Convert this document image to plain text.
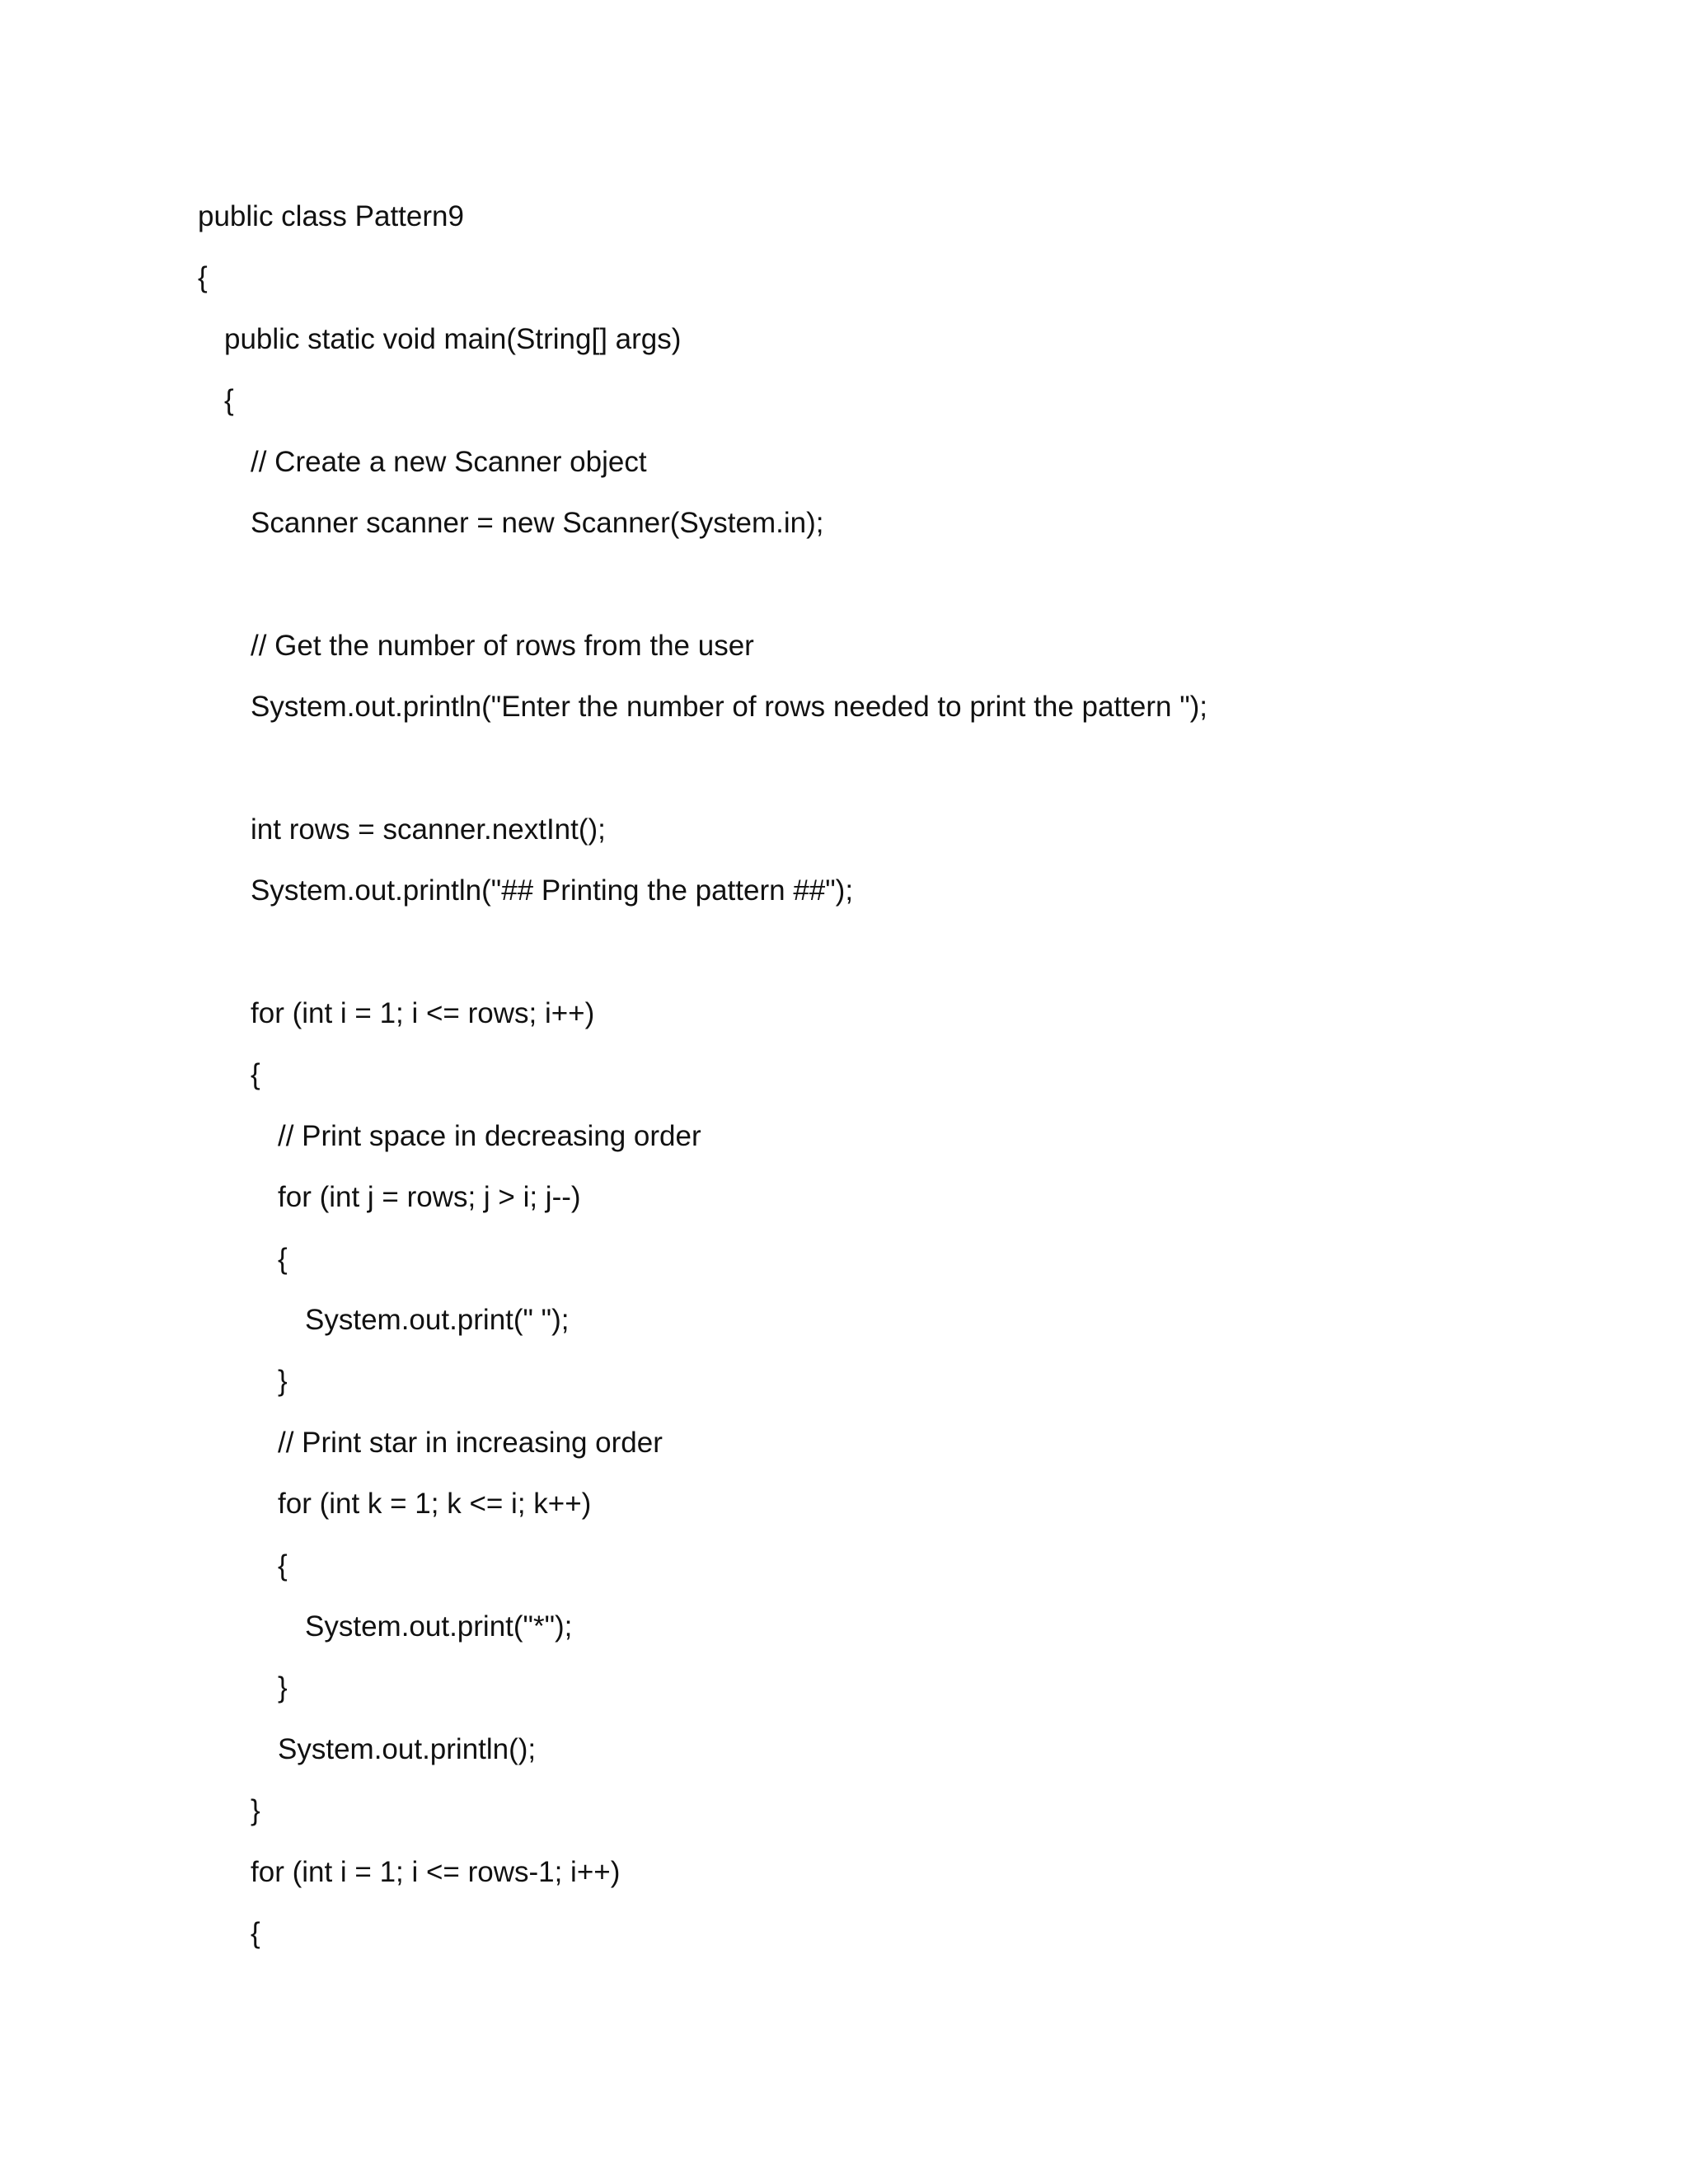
public class Pattern9
{
public static void main(String[] args)
{
// Create a new Scanner object
Scanner scanner = new Scanner(System.in);
// Get the number of rows from the user
System.out.println("Enter the number of rows needed to print the pattern ");
int rows = scanner.nextInt();
System.out.println("## Printing the pattern ##");
for (int i = 1; i <= rows; i++)
{
// Print space in decreasing order
for (int j = rows; j > i; j--)
{
System.out.print(" ");
}
// Print star in increasing order
for (int k = 1; k <= i; k++)
{
System.out.print("*");
}
System.out.println();
}
for (int i = 1; i <= rows-1; i++)
{
